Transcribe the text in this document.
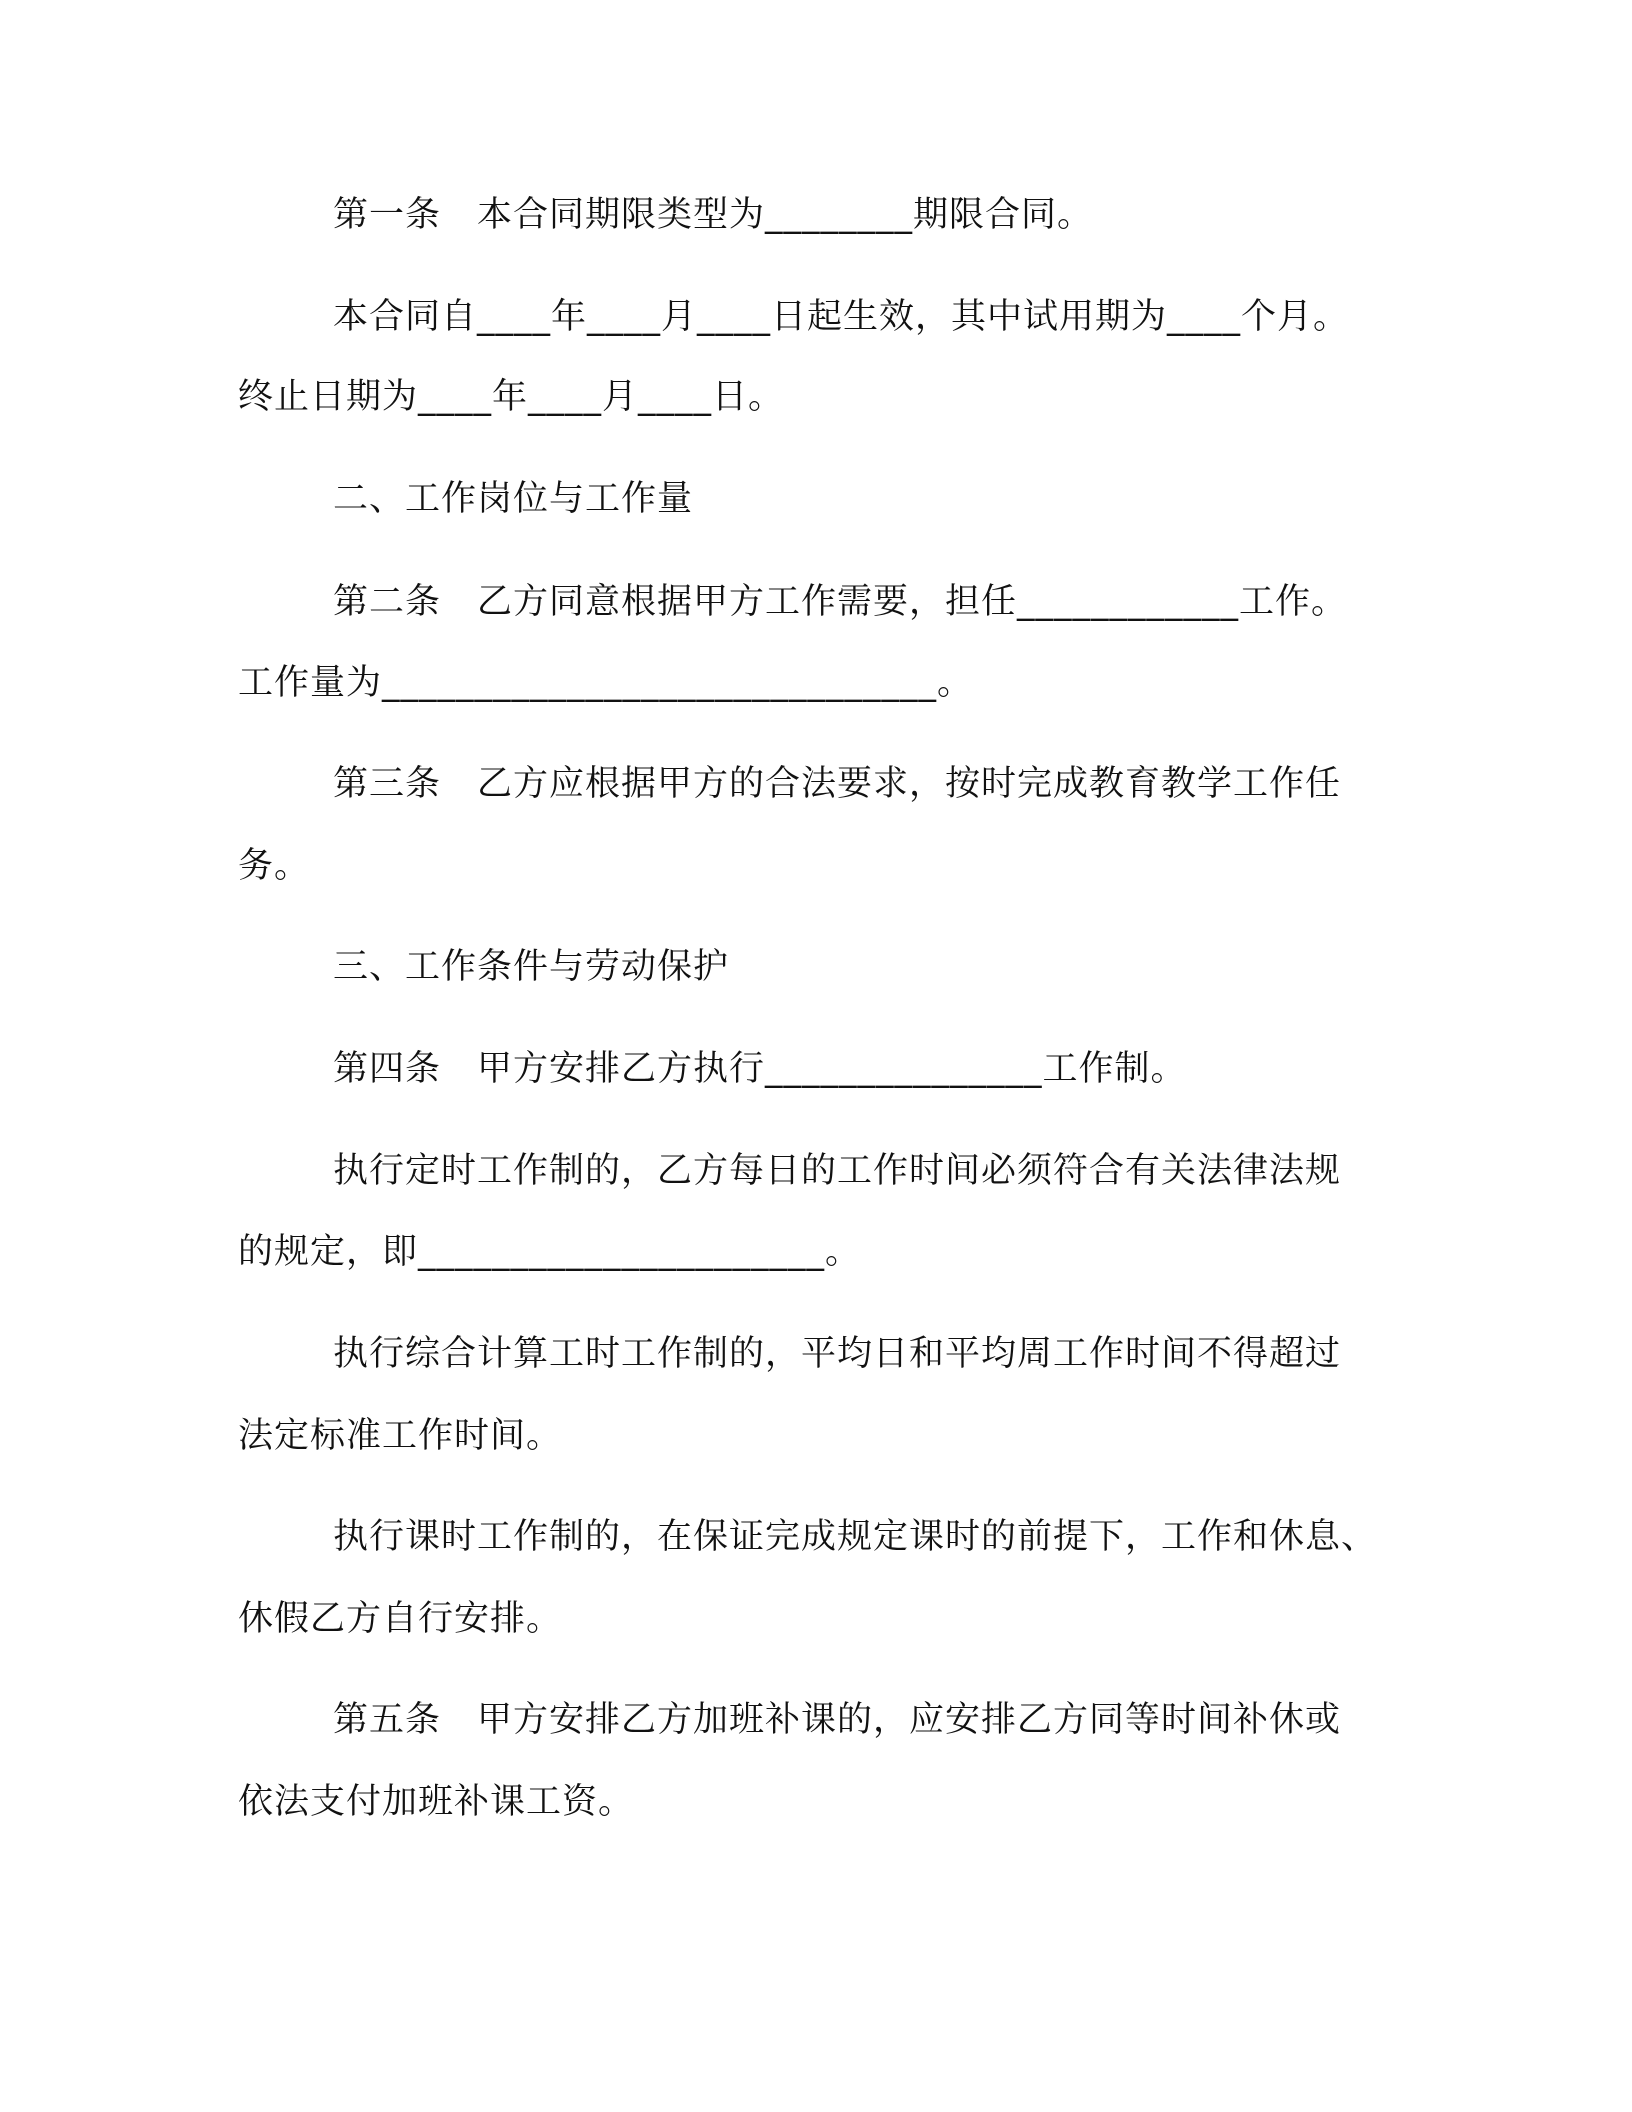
第一条　本合同期限类型为________期限合同。
本合同自____年____月____日起生效，其中试用期为____个月。
终止日期为____年____月____日。
二、工作岗位与工作量
第二条　乙方同意根据甲方工作需要，担任____________工作。
工作量为______________________________。
第三条　乙方应根据甲方的合法要求，按时完成教育教学工作任
务。
三、工作条件与劳动保护
第四条　甲方安排乙方执行_______________工作制。
执行定时工作制的，乙方每日的工作时间必须符合有关法律法规
的规定，即______________________。
执行综合计算工时工作制的，平均日和平均周工作时间不得超过
法定标准工作时间。
执行课时工作制的，在保证完成规定课时的前提下，工作和休息、
休假乙方自行安排。
第五条　甲方安排乙方加班补课的，应安排乙方同等时间补休或
依法支付加班补课工资。
